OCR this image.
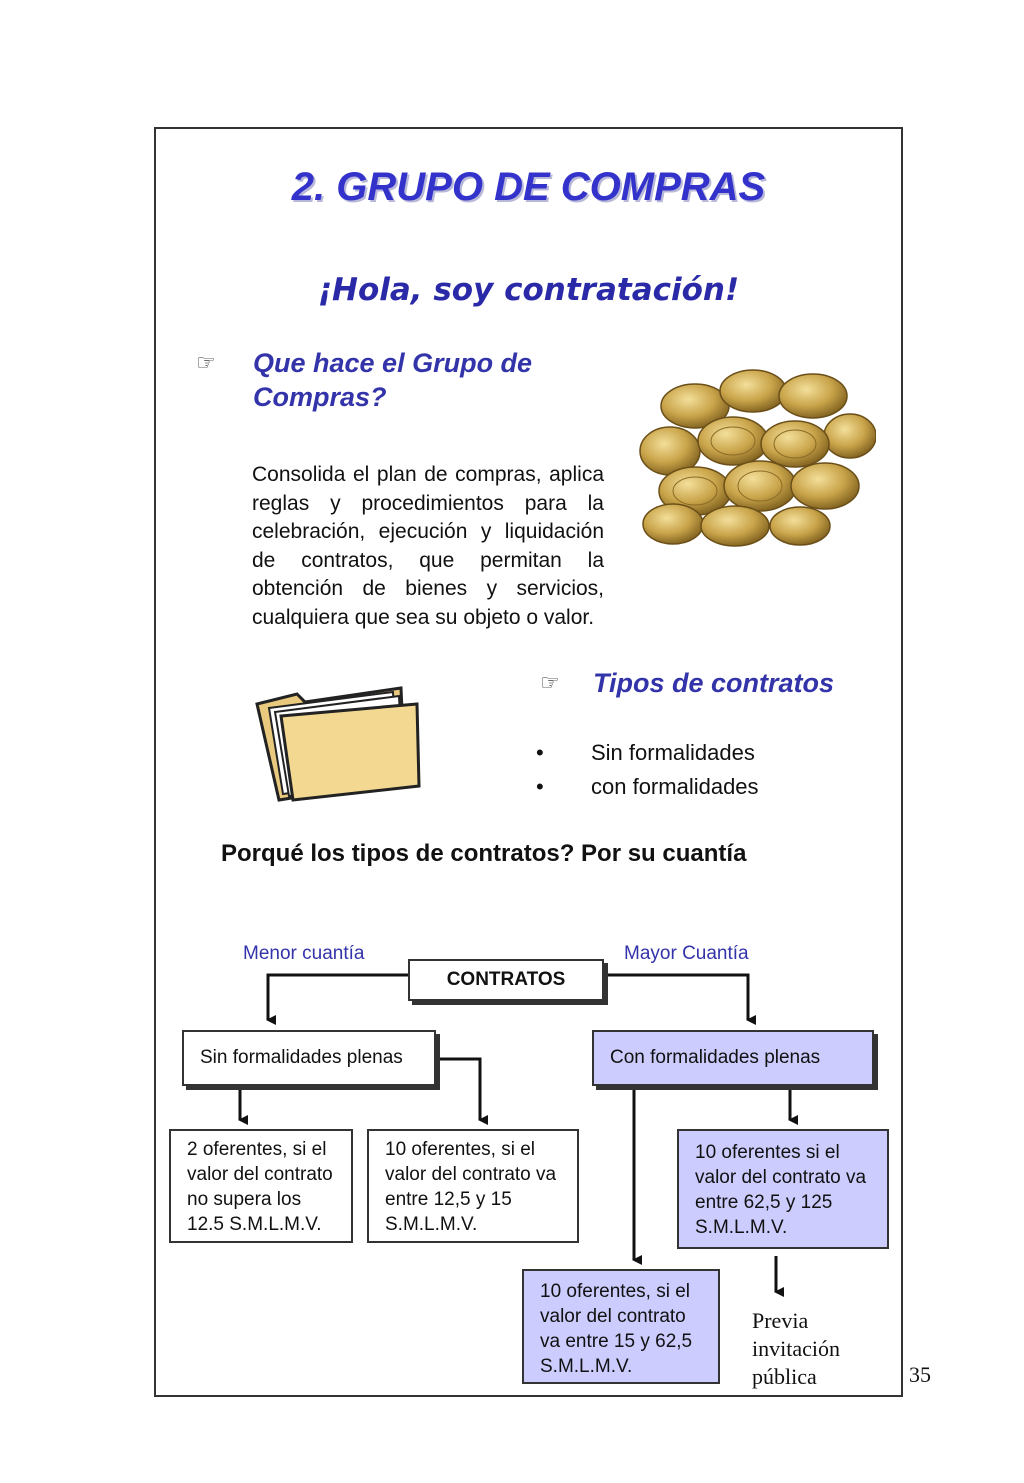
2. GRUPO DE COMPRAS
¡Hola, soy contratación!
☞ Que hace el Grupo de Compras?
Consolida el plan de compras, aplica reglas y procedimientos para la celebración, ejecución y liquidación de contratos, que permitan la obtención de bienes y servicios, cualquiera que sea su objeto o valor.
☞ Tipos de contratos
• Sin formalidades
• con formalidades
Porqué los tipos de contratos? Por su cuantía
Menor cuantía	Mayor Cuantía
CONTRATOS
Sin formalidades plenas	Con formalidades plenas
2 oferentes, si el valor del contrato no supera los 12.5 S.M.L.M.V.
10 oferentes, si el valor del contrato va entre 12,5 y 15 S.M.L.M.V.
10 oferentes si el valor del contrato va entre 62,5 y 125 S.M.L.M.V.
10 oferentes, si el valor del contrato va entre 15 y 62,5 S.M.L.M.V.
Previa invitación pública	35
